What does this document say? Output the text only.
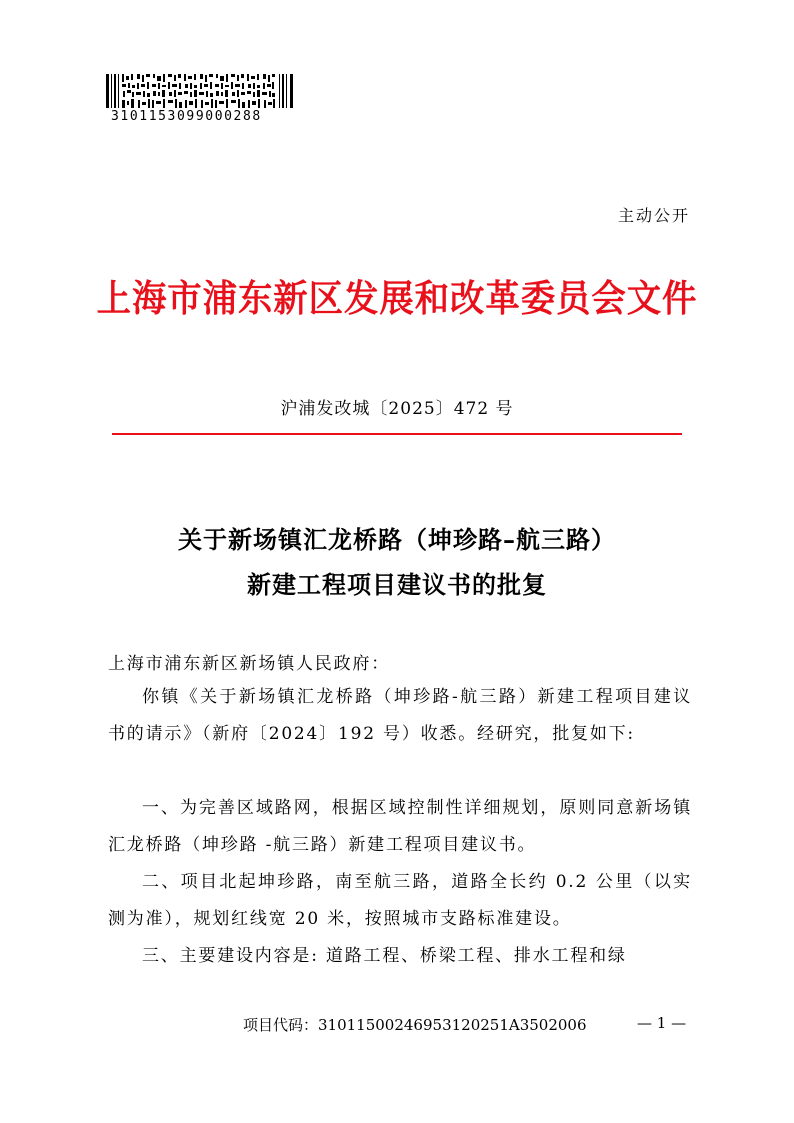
3101153099000288
主动公开
上海市浦东新区发展和改革委员会文件
沪浦发改城〔2025〕472 号
关于新场镇汇龙桥路（坤珍路–航三路）
新建工程项目建议书的批复
上海市浦东新区新场镇人民政府：

你镇《关于新场镇汇龙桥路（坤珍路-航三路）新建工程项目建议书的请示》（新府〔2024〕192 号）收悉。经研究，批复如下:

一、为完善区域路网，根据区域控制性详细规划，原则同意新场镇汇龙桥路（坤珍路 -航三路）新建工程项目建议书。

二、项目北起坤珍路，南至航三路，道路全长约 0.2 公里（以实测为准），规划红线宽 20 米，按照城市支路标准建设。

三、主要建设内容是: 道路工程、桥梁工程、排水工程和绿

项目代码：31011500246953120251A3502006	— 1 —
